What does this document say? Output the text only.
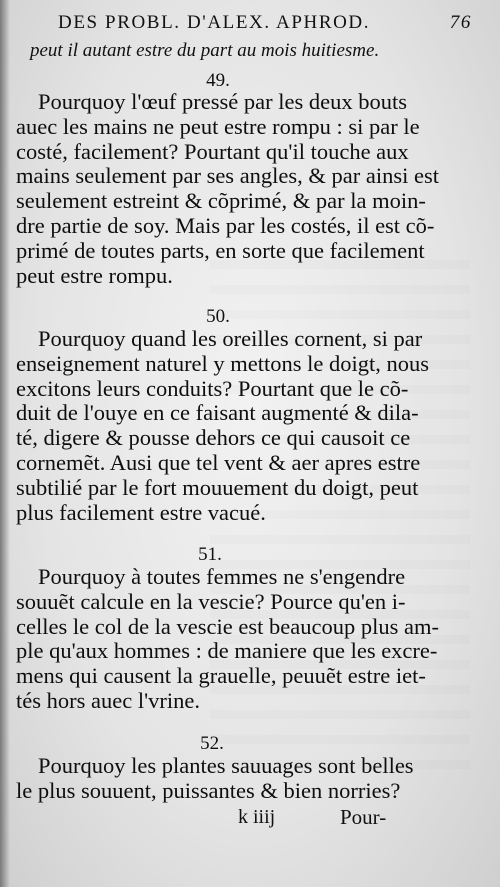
DES PROBL. D'ALEX. APHROD.	76
peut il autant estre du part au mois huitiesme.
49.

Pourquoy l'œuf pressé par les deux bouts
auec les mains ne peut estre rompu : si par le
costé, facilement? Pourtant qu'il touche aux
mains seulement par ses angles, & par ainsi est
seulement estreint & cõprimé, & par la moin-
dre partie de soy. Mais par les costés, il est cõ-
primé de toutes parts, en sorte que facilement
peut estre rompu.

50.

Pourquoy quand les oreilles cornent, si par
enseignement naturel y mettons le doigt, nous
excitons leurs conduits? Pourtant que le cõ-
duit de l'ouye en ce faisant augmenté & dila-
té, digere & pousse dehors ce qui causoit ce
cornemẽt. Ausi que tel vent & aer apres estre
subtilié par le fort mouuement du doigt, peut
plus facilement estre vacué.

51.

Pourquoy à toutes femmes ne s'engendre
souuẽt calcule en la vescie? Pource qu'en i-
celles le col de la vescie est beaucoup plus am-
ple qu'aux hommes : de maniere que les excre-
mens qui causent la grauelle, peuuẽt estre iet-
tés hors auec l'vrine.

52.

Pourquoy les plantes sauuages sont belles
le plus souuent, puissantes & bien norries?

k iiij	Pour-
